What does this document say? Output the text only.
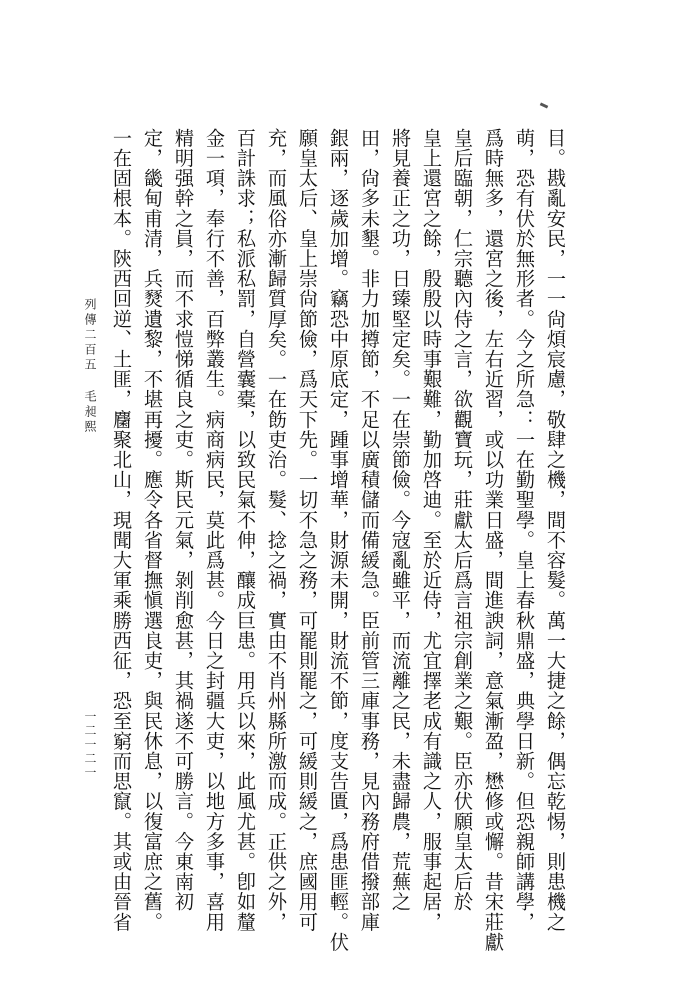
目。戡亂安民，一一尙煩宸慮，敬肆之機，間不容髮。萬一大捷之餘，偶忘乾惕，則患機之
萌，恐有伏於無形者。今之所急：一在勤聖學。皇上春秋鼎盛，典學日新。但恐親師講學，
爲時無多，還宮之後，左右近習，或以功業日盛，間進諛詞，意氣漸盈，懋修或懈。昔宋莊獻
皇后臨朝，仁宗聽內侍之言，欲觀寶玩，莊獻太后爲言祖宗創業之艱。臣亦伏願皇太后於
皇上還宮之餘，殷殷以時事艱難，勤加啓迪。至於近侍，尤宜擇老成有識之人，服事起居，
將見養正之功，日臻堅定矣。一在崇節儉。今寇亂雖平，而流離之民，未盡歸農，荒蕪之
田，尙多未墾。非力加撙節，不足以廣積儲而備緩急。臣前管三庫事務，見內務府借撥部庫
銀兩，逐歲加增。竊恐中原底定，踵事增華，財源未開，財流不節，度支告匱，爲患匪輕。伏
願皇太后、皇上崇尙節儉，爲天下先。一切不急之務，可罷則罷之，可緩則緩之，庶國用可
充，而風俗亦漸歸質厚矣。一在飭吏治。髮、捻之禍，實由不肖州縣所激而成。正供之外，
百計誅求；私派私罰，自營囊橐，以致民氣不伸，釀成巨患。用兵以來，此風尤甚。卽如釐
金一項，奉行不善，百弊叢生。病商病民，莫此爲甚。今日之封疆大吏，以地方多事，喜用
精明强幹之員，而不求愷悌循良之吏。斯民元氣，剝削愈甚，其禍遂不可勝言。今東南初
定，畿甸甫清，兵燹遺黎，不堪再擾。應令各省督撫愼選良吏，與民休息，以復富庶之舊。
一在固根本。陝西回逆、土匪，麕聚北山，現聞大軍乘勝西征，恐至窮而思竄。其或由晉省
列傳二百五 毛昶熙
一二一二一
